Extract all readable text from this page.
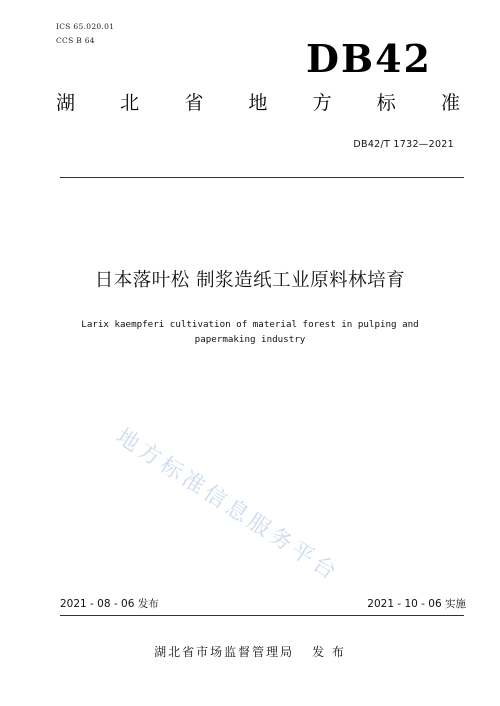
ICS 65.020.01
CCS B 64	DB42
湖 北 省 地 方 标 准
DB42/T 1732—2021
日本落叶松 制浆造纸工业原料林培育
Larix kaempferi cultivation of material forest in pulping and papermaking industry
地方标准信息服务平台
2021 - 08 - 06 发布	2021 - 10 - 06 实施
湖北省市场监督管理局 发 布
